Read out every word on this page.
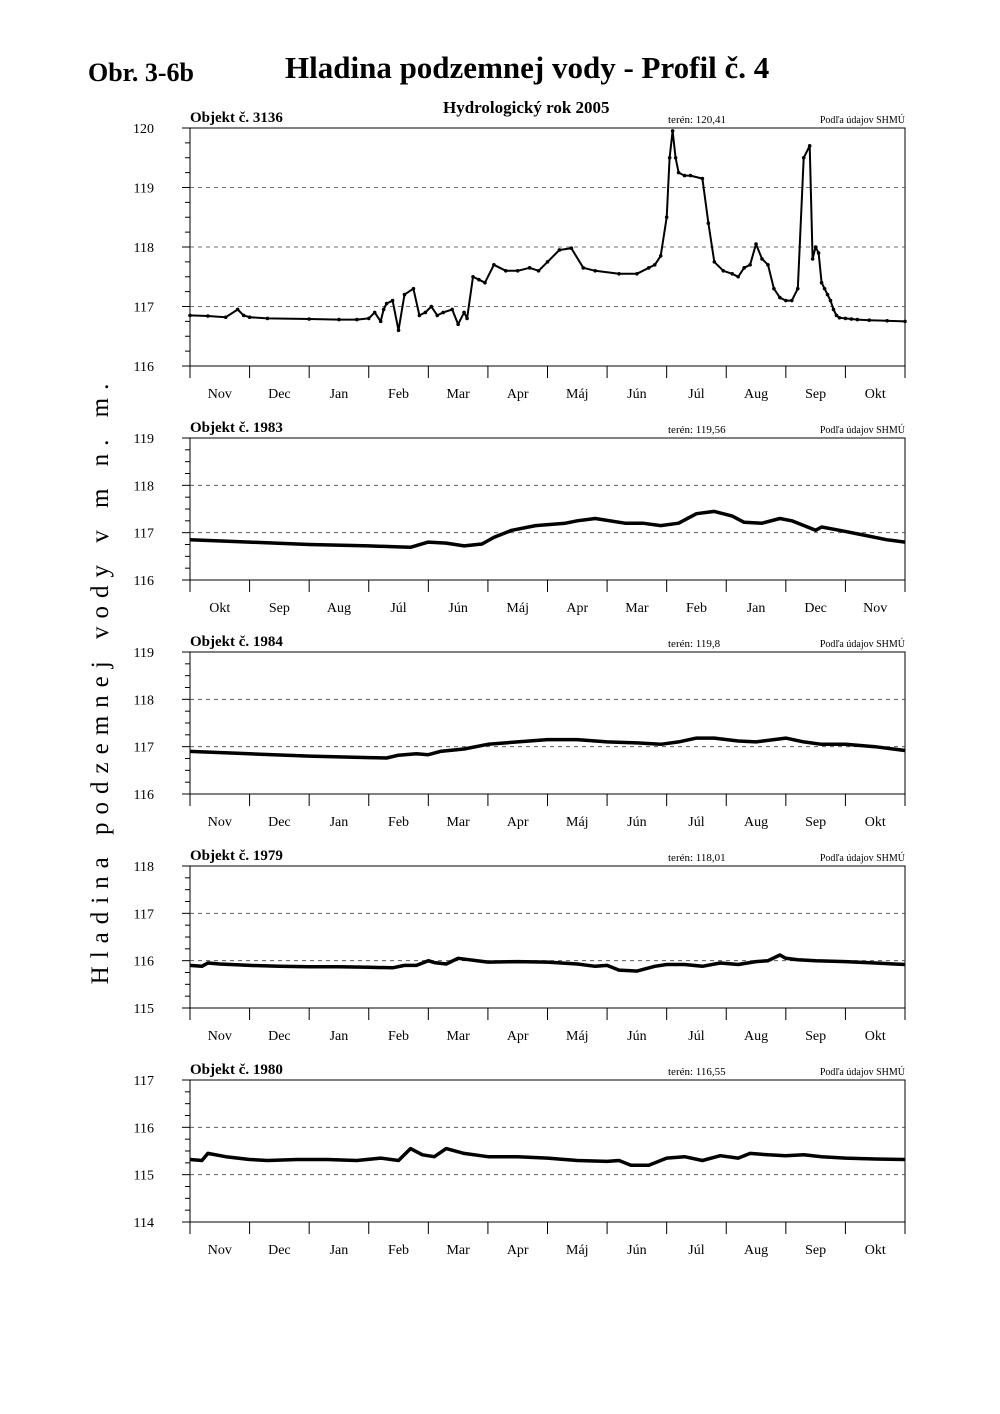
Obr. 3-6b	Hladina podzemnej vody - Profil č. 4
Hydrologický rok 2005
Hladina podzemnej vody v m n. m.
116
117
118
119
120
Nov	Dec	Jan	Feb	Mar	Apr	Máj	Jún	Júl	Aug	Sep	Okt
Objekt č. 3136	terén: 120,41	Podľa údajov SHMÚ
116
117
118
119
Okt	Sep	Aug	Júl	Jún	Máj	Apr	Mar	Feb	Jan	Dec	Nov
Objekt č. 1983	terén: 119,56	Podľa údajov SHMÚ
116
117
118
119
Nov	Dec	Jan	Feb	Mar	Apr	Máj	Jún	Júl	Aug	Sep	Okt
Objekt č. 1984	terén: 119,8	Podľa údajov SHMÚ
115
116
117
118
Nov	Dec	Jan	Feb	Mar	Apr	Máj	Jún	Júl	Aug	Sep	Okt
Objekt č. 1979	terén: 118,01	Podľa údajov SHMÚ
114
115
116
117
Nov	Dec	Jan	Feb	Mar	Apr	Máj	Jún	Júl	Aug	Sep	Okt
Objekt č. 1980	terén: 116,55	Podľa údajov SHMÚ
